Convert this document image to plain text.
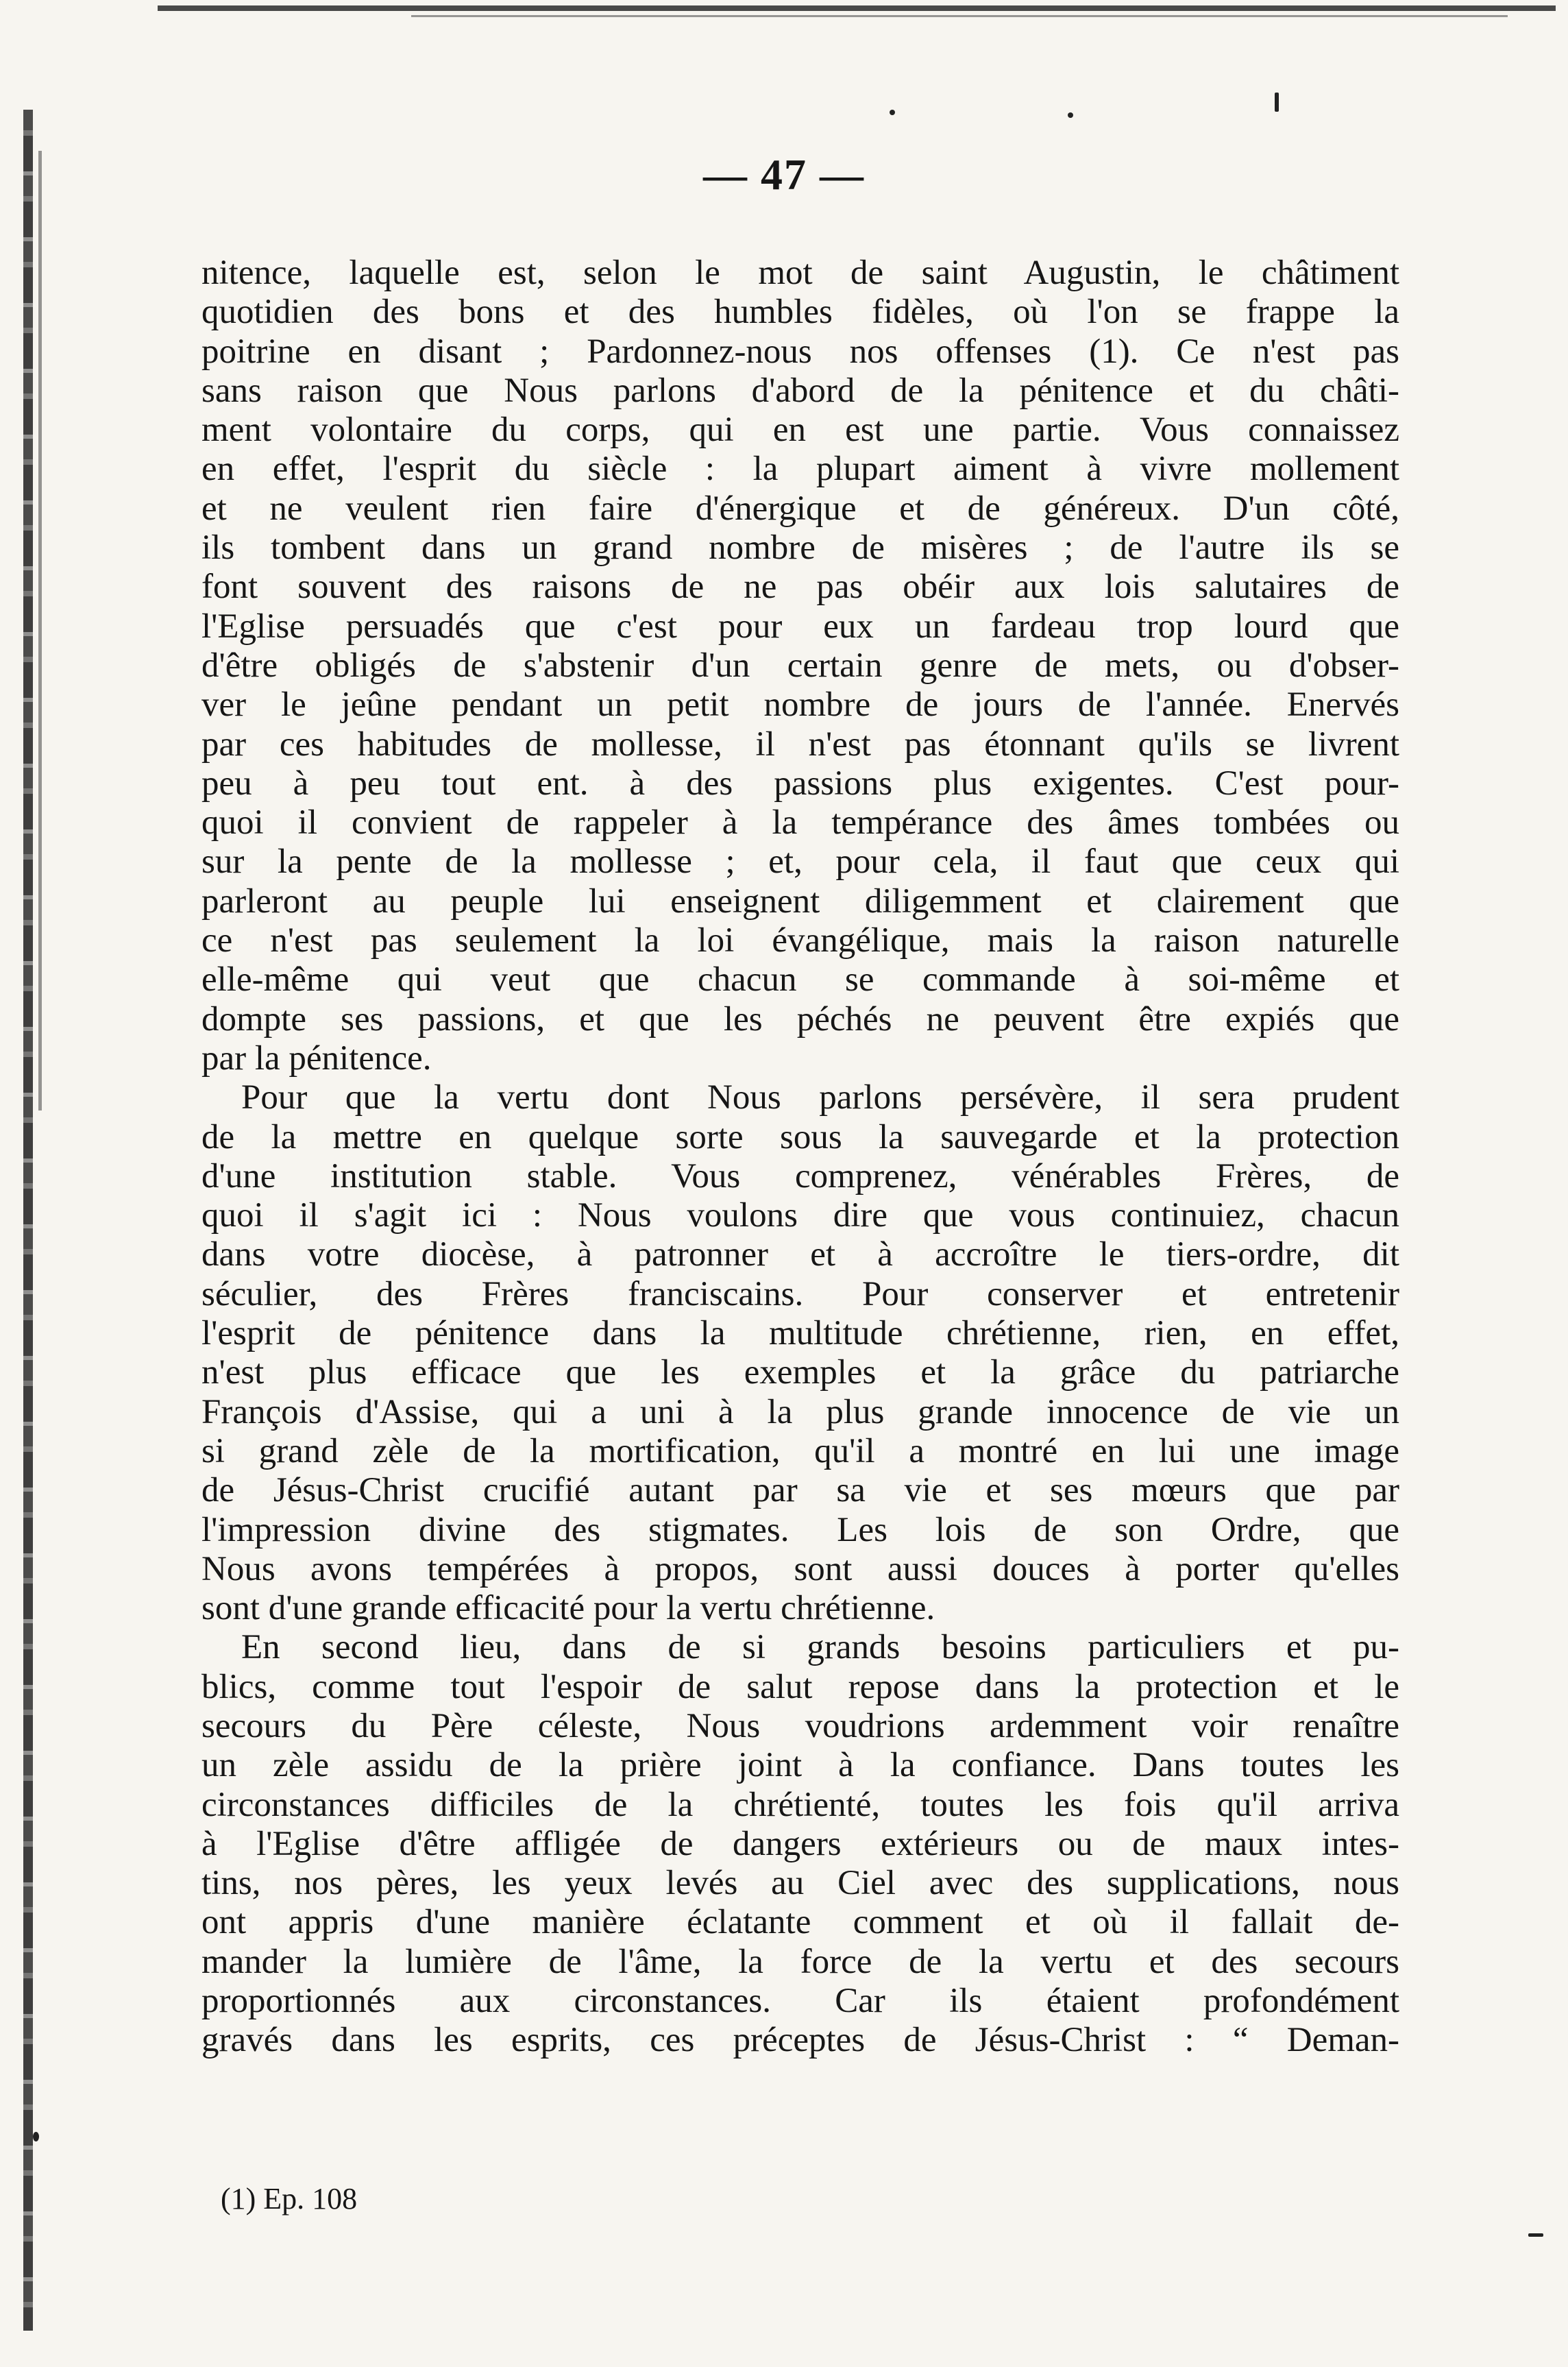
— 47 —
nitence, laquelle est, selon le mot de saint Augustin, le châtiment
quotidien des bons et des humbles fidèles, où l'on se frappe la
poitrine en disant ; Pardonnez-nous nos offenses (1). Ce n'est pas
sans raison que Nous parlons d'abord de la pénitence et du châti-
ment volontaire du corps, qui en est une partie. Vous connaissez
en effet, l'esprit du siècle : la plupart aiment à vivre mollement
et ne veulent rien faire d'énergique et de généreux. D'un côté,
ils tombent dans un grand nombre de misères ; de l'autre ils se
font souvent des raisons de ne pas obéir aux lois salutaires de
l'Eglise persuadés que c'est pour eux un fardeau trop lourd que
d'être obligés de s'abstenir d'un certain genre de mets, ou d'obser-
ver le jeûne pendant un petit nombre de jours de l'année. Enervés
par ces habitudes de mollesse, il n'est pas étonnant qu'ils se livrent
peu à peu tout ent. à des passions plus exigentes. C'est pour-
quoi il convient de rappeler à la tempérance des âmes tombées ou
sur la pente de la mollesse ; et, pour cela, il faut que ceux qui
parleront au peuple lui enseignent diligemment et clairement que
ce n'est pas seulement la loi évangélique, mais la raison naturelle
elle-même qui veut que chacun se commande à soi-même et
dompte ses passions, et que les péchés ne peuvent être expiés que
par la pénitence.
Pour que la vertu dont Nous parlons persévère, il sera prudent
de la mettre en quelque sorte sous la sauvegarde et la protection
d'une institution stable. Vous comprenez, vénérables Frères, de
quoi il s'agit ici : Nous voulons dire que vous continuiez, chacun
dans votre diocèse, à patronner et à accroître le tiers-ordre, dit
séculier, des Frères franciscains. Pour conserver et entretenir
l'esprit de pénitence dans la multitude chrétienne, rien, en effet,
n'est plus efficace que les exemples et la grâce du patriarche
François d'Assise, qui a uni à la plus grande innocence de vie un
si grand zèle de la mortification, qu'il a montré en lui une image
de Jésus-Christ crucifié autant par sa vie et ses mœurs que par
l'impression divine des stigmates. Les lois de son Ordre, que
Nous avons tempérées à propos, sont aussi douces à porter qu'elles
sont d'une grande efficacité pour la vertu chrétienne.
En second lieu, dans de si grands besoins particuliers et pu-
blics, comme tout l'espoir de salut repose dans la protection et le
secours du Père céleste, Nous voudrions ardemment voir renaître
un zèle assidu de la prière joint à la confiance. Dans toutes les
circonstances difficiles de la chrétienté, toutes les fois qu'il arriva
à l'Eglise d'être affligée de dangers extérieurs ou de maux intes-
tins, nos pères, les yeux levés au Ciel avec des supplications, nous
ont appris d'une manière éclatante comment et où il fallait de-
mander la lumière de l'âme, la force de la vertu et des secours
proportionnés aux circonstances. Car ils étaient profondément
gravés dans les esprits, ces préceptes de Jésus-Christ : “ Deman-
(1) Ep. 108
